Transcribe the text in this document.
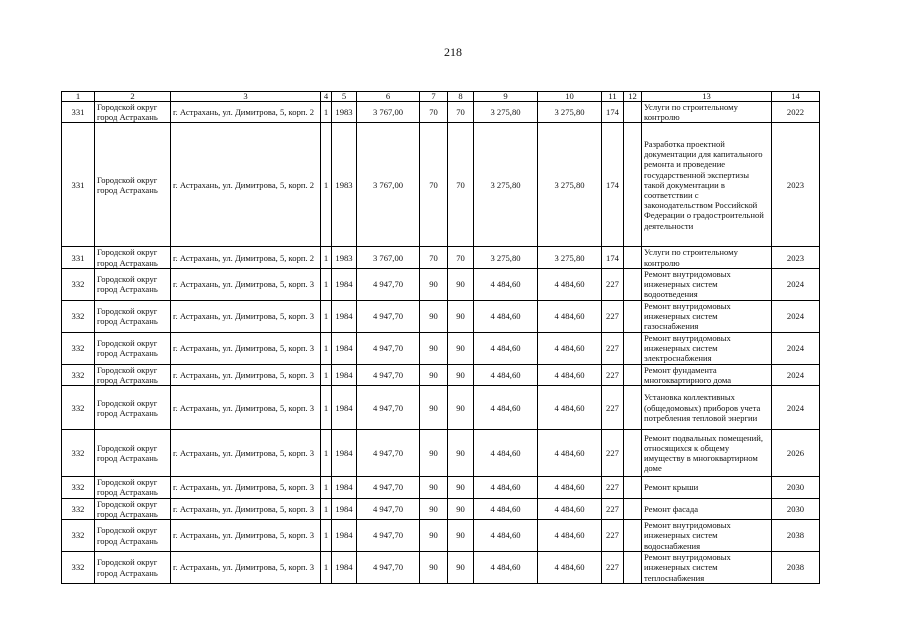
218
1	2	3	4	5	6	7	8	9	10	11	12	13	14
331	Городской округ город Астрахань	г. Астрахань, ул. Димитрова, 5, корп. 2	1	1983	3 767,00	70	70	3 275,80	3 275,80	174		Услуги по строительному контролю	2022
331	Городской округ город Астрахань	г. Астрахань, ул. Димитрова, 5, корп. 2	1	1983	3 767,00	70	70	3 275,80	3 275,80	174		Разработка проектной документации для капитального ремонта и проведение государственной экспертизы такой документации в соответствии с законодательством Российской Федерации о градостроительной деятельности	2023
331	Городской округ город Астрахань	г. Астрахань, ул. Димитрова, 5, корп. 2	1	1983	3 767,00	70	70	3 275,80	3 275,80	174		Услуги по строительному контролю	2023
332	Городской округ город Астрахань	г. Астрахань, ул. Димитрова, 5, корп. 3	1	1984	4 947,70	90	90	4 484,60	4 484,60	227		Ремонт внутридомовых инженерных систем водоотведения	2024
332	Городской округ город Астрахань	г. Астрахань, ул. Димитрова, 5, корп. 3	1	1984	4 947,70	90	90	4 484,60	4 484,60	227		Ремонт внутридомовых инженерных систем газоснабжения	2024
332	Городской округ город Астрахань	г. Астрахань, ул. Димитрова, 5, корп. 3	1	1984	4 947,70	90	90	4 484,60	4 484,60	227		Ремонт внутридомовых инженерных систем электроснабжения	2024
332	Городской округ город Астрахань	г. Астрахань, ул. Димитрова, 5, корп. 3	1	1984	4 947,70	90	90	4 484,60	4 484,60	227		Ремонт фундамента многоквартирного дома	2024
332	Городской округ город Астрахань	г. Астрахань, ул. Димитрова, 5, корп. 3	1	1984	4 947,70	90	90	4 484,60	4 484,60	227		Установка коллективных (общедомовых) приборов учета потребления тепловой энергии	2024
332	Городской округ город Астрахань	г. Астрахань, ул. Димитрова, 5, корп. 3	1	1984	4 947,70	90	90	4 484,60	4 484,60	227		Ремонт подвальных помещений, относящихся к общему имуществу в многоквартирном доме	2026
332	Городской округ город Астрахань	г. Астрахань, ул. Димитрова, 5, корп. 3	1	1984	4 947,70	90	90	4 484,60	4 484,60	227		Ремонт крыши	2030
332	Городской округ город Астрахань	г. Астрахань, ул. Димитрова, 5, корп. 3	1	1984	4 947,70	90	90	4 484,60	4 484,60	227		Ремонт фасада	2030
332	Городской округ город Астрахань	г. Астрахань, ул. Димитрова, 5, корп. 3	1	1984	4 947,70	90	90	4 484,60	4 484,60	227		Ремонт внутридомовых инженерных систем водоснабжения	2038
332	Городской округ город Астрахань	г. Астрахань, ул. Димитрова, 5, корп. 3	1	1984	4 947,70	90	90	4 484,60	4 484,60	227		Ремонт внутридомовых инженерных систем теплоснабжения	2038
